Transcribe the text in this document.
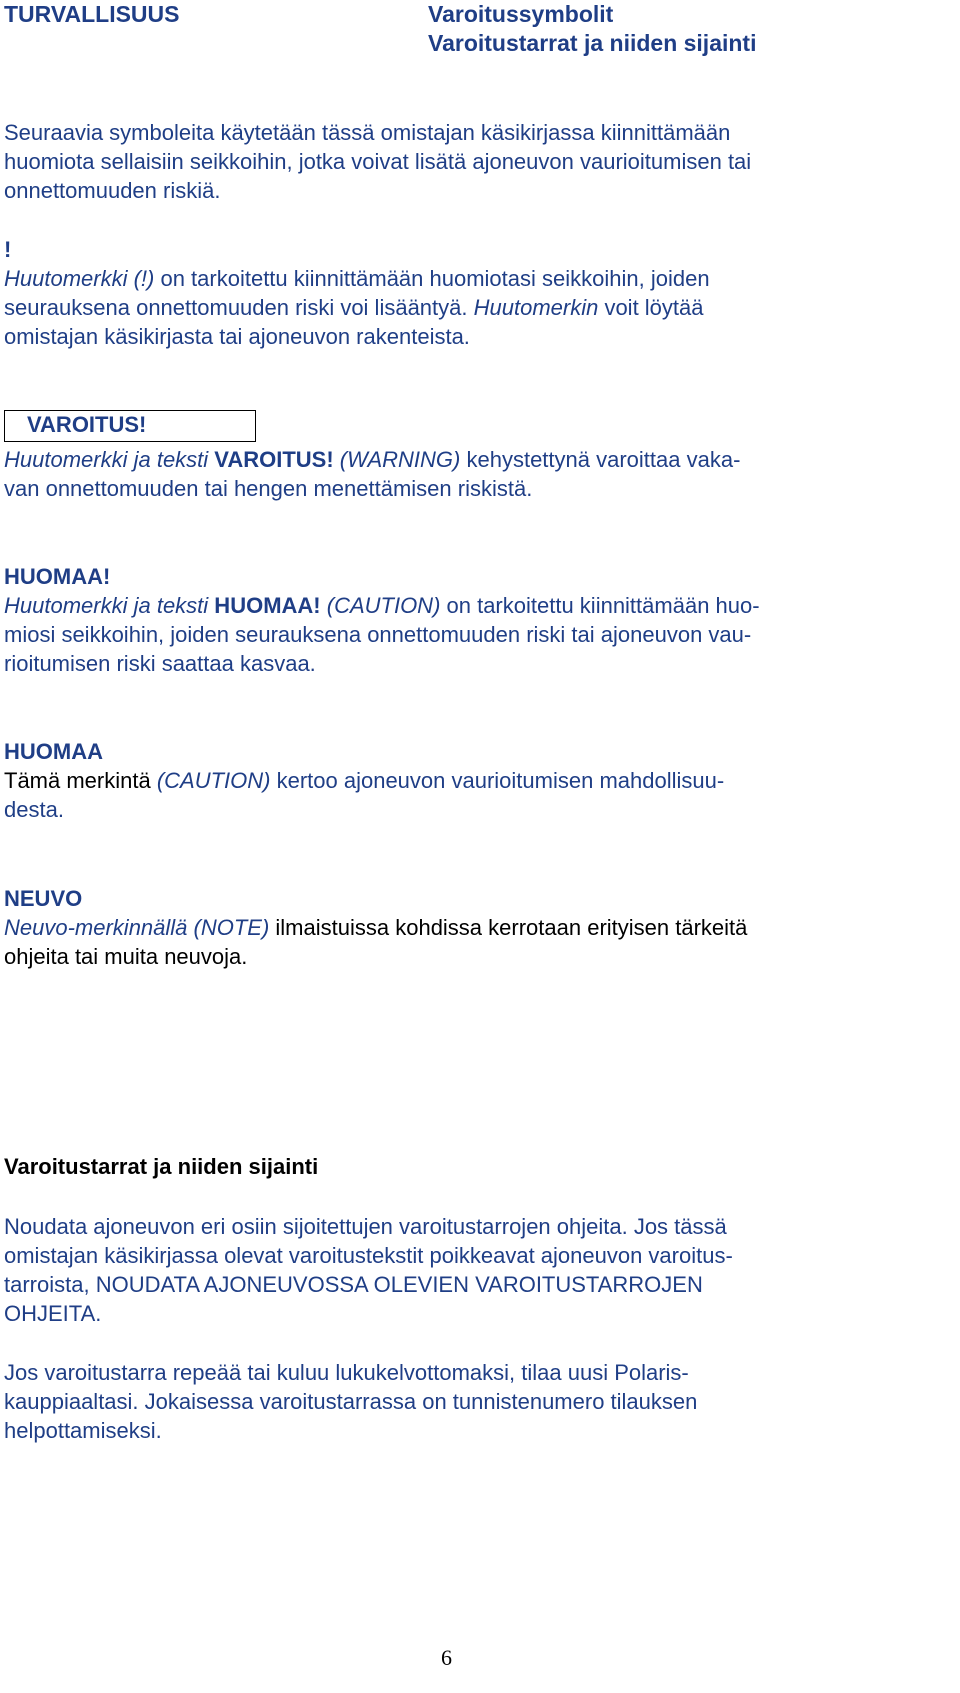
TURVALLISUUS	Varoitussymbolit
Varoitustarrat ja niiden sijainti
Seuraavia symboleita käytetään tässä omistajan käsikirjassa kiinnittämään
huomiota sellaisiin seikkoihin, jotka voivat lisätä ajoneuvon vaurioitumisen tai
onnettomuuden riskiä.
!
Huutomerkki (!) on tarkoitettu kiinnittämään huomiotasi seikkoihin, joiden
seurauksena onnettomuuden riski voi lisääntyä. Huutomerkin voit löytää
omistajan käsikirjasta tai ajoneuvon rakenteista.
VAROITUS!
Huutomerkki ja teksti VAROITUS! (WARNING) kehystettynä varoittaa vaka-
van onnettomuuden tai hengen menettämisen riskistä.
HUOMAA!
Huutomerkki ja teksti HUOMAA! (CAUTION) on tarkoitettu kiinnittämään huo-
miosi seikkoihin, joiden seurauksena onnettomuuden riski tai ajoneuvon vau-
rioitumisen riski saattaa kasvaa.
HUOMAA
Tämä merkintä (CAUTION) kertoo ajoneuvon vaurioitumisen mahdollisuu-
desta.
NEUVO
Neuvo-merkinnällä (NOTE) ilmaistuissa kohdissa kerrotaan erityisen tärkeitä
ohjeita tai muita neuvoja.
Varoitustarrat ja niiden sijainti
Noudata ajoneuvon eri osiin sijoitettujen varoitustarrojen ohjeita. Jos tässä
omistajan käsikirjassa olevat varoitustekstit poikkeavat ajoneuvon varoitus-
tarroista, NOUDATA AJONEUVOSSA OLEVIEN VAROITUSTARROJEN
OHJEITA.
Jos varoitustarra repeää tai kuluu lukukelvottomaksi, tilaa uusi Polaris-
kauppiaaltasi. Jokaisessa varoitustarrassa on tunnistenumero tilauksen
helpottamiseksi.
6
